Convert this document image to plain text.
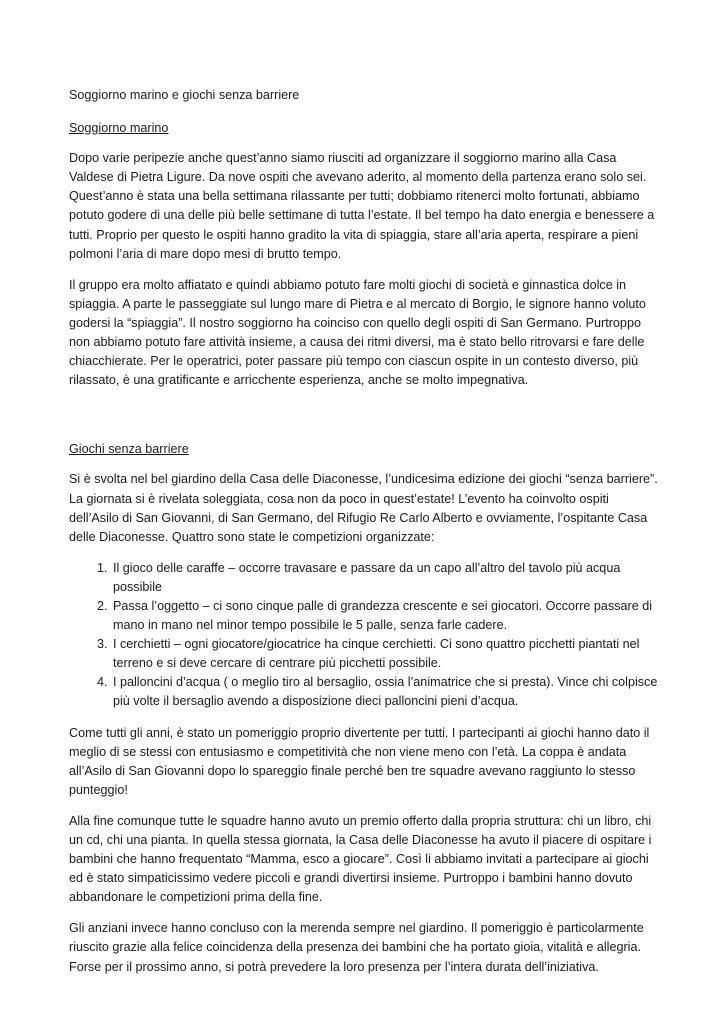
Soggiorno marino e giochi senza barriere

Soggiorno marino

Dopo varie peripezie anche quest’anno siamo riusciti ad organizzare il soggiorno marino alla Casa Valdese di Pietra Ligure. Da nove ospiti che avevano aderito, al momento della partenza erano solo sei. Quest’anno è stata una bella settimana rilassante per tutti; dobbiamo ritenerci molto fortunati, abbiamo potuto godere di una delle più belle settimane di tutta l’estate. Il bel tempo ha dato energia e benessere a tutti. Proprio per questo le ospiti hanno gradito la vita di spiaggia, stare all’aria aperta, respirare a pieni polmoni l’aria di mare dopo mesi di brutto tempo.

Il gruppo era molto affiatato e quindi abbiamo potuto fare molti giochi di società e ginnastica dolce in spiaggia. A parte le passeggiate sul lungo mare di Pietra e al mercato di Borgio, le signore hanno voluto godersi la “spiaggia”. Il nostro soggiorno ha coinciso con quello degli ospiti di San Germano. Purtroppo non abbiamo potuto fare attività insieme, a causa dei ritmi diversi, ma è stato bello ritrovarsi e fare delle chiacchierate. Per le operatrici, poter passare più tempo con ciascun ospite in un contesto diverso, più rilassato, è una gratificante e arricchente esperienza, anche se molto impegnativa.

Giochi senza barriere

Si è svolta nel bel giardino della Casa delle Diaconesse, l’undicesima edizione dei giochi “senza barriere”. La giornata si è rivelata soleggiata, cosa non da poco in quest’estate! L’evento ha coinvolto ospiti dell’Asilo di San Giovanni, di San Germano, del Rifugio Re Carlo Alberto e ovviamente, l’ospitante Casa delle Diaconesse. Quattro sono state le competizioni organizzate:

1. Il gioco delle caraffe – occorre travasare e passare da un capo all’altro del tavolo più acqua possibile
2. Passa l’oggetto – ci sono cinque palle di grandezza crescente e sei giocatori. Occorre passare di mano in mano nel minor tempo possibile le 5 palle, senza farle cadere.
3. I cerchietti – ogni giocatore/giocatrice ha cinque cerchietti. Ci sono quattro picchetti piantati nel terreno e si deve cercare di centrare più picchetti possibile.
4. I palloncini d’acqua ( o meglio tiro al bersaglio, ossia l’animatrice che si presta). Vince chi colpisce più volte il bersaglio avendo a disposizione dieci palloncini pieni d’acqua.

Come tutti gli anni, è stato un pomeriggio proprio divertente per tutti. I partecipanti ai giochi hanno dato il meglio di se stessi con entusiasmo e competitività che non viene meno con l’età. La coppa è andata all’Asilo di San Giovanni dopo lo spareggio finale perché ben tre squadre avevano raggiunto lo stesso punteggio!

Alla fine comunque tutte le squadre hanno avuto un premio offerto dalla propria struttura: chi un libro, chi un cd, chi una pianta. In quella stessa giornata, la Casa delle Diaconesse ha avuto il piacere di ospitare i bambini che hanno frequentato “Mamma, esco a giocare”. Così li abbiamo invitati a partecipare ai giochi ed è stato simpaticissimo vedere piccoli e grandi divertirsi insieme. Purtroppo i bambini hanno dovuto abbandonare le competizioni prima della fine.

Gli anziani invece hanno concluso con la merenda sempre nel giardino. Il pomeriggio è particolarmente riuscito grazie alla felice coincidenza della presenza dei bambini che ha portato gioia, vitalità e allegria. Forse per il prossimo anno, si potrà prevedere la loro presenza per l’intera durata dell’iniziativa.
